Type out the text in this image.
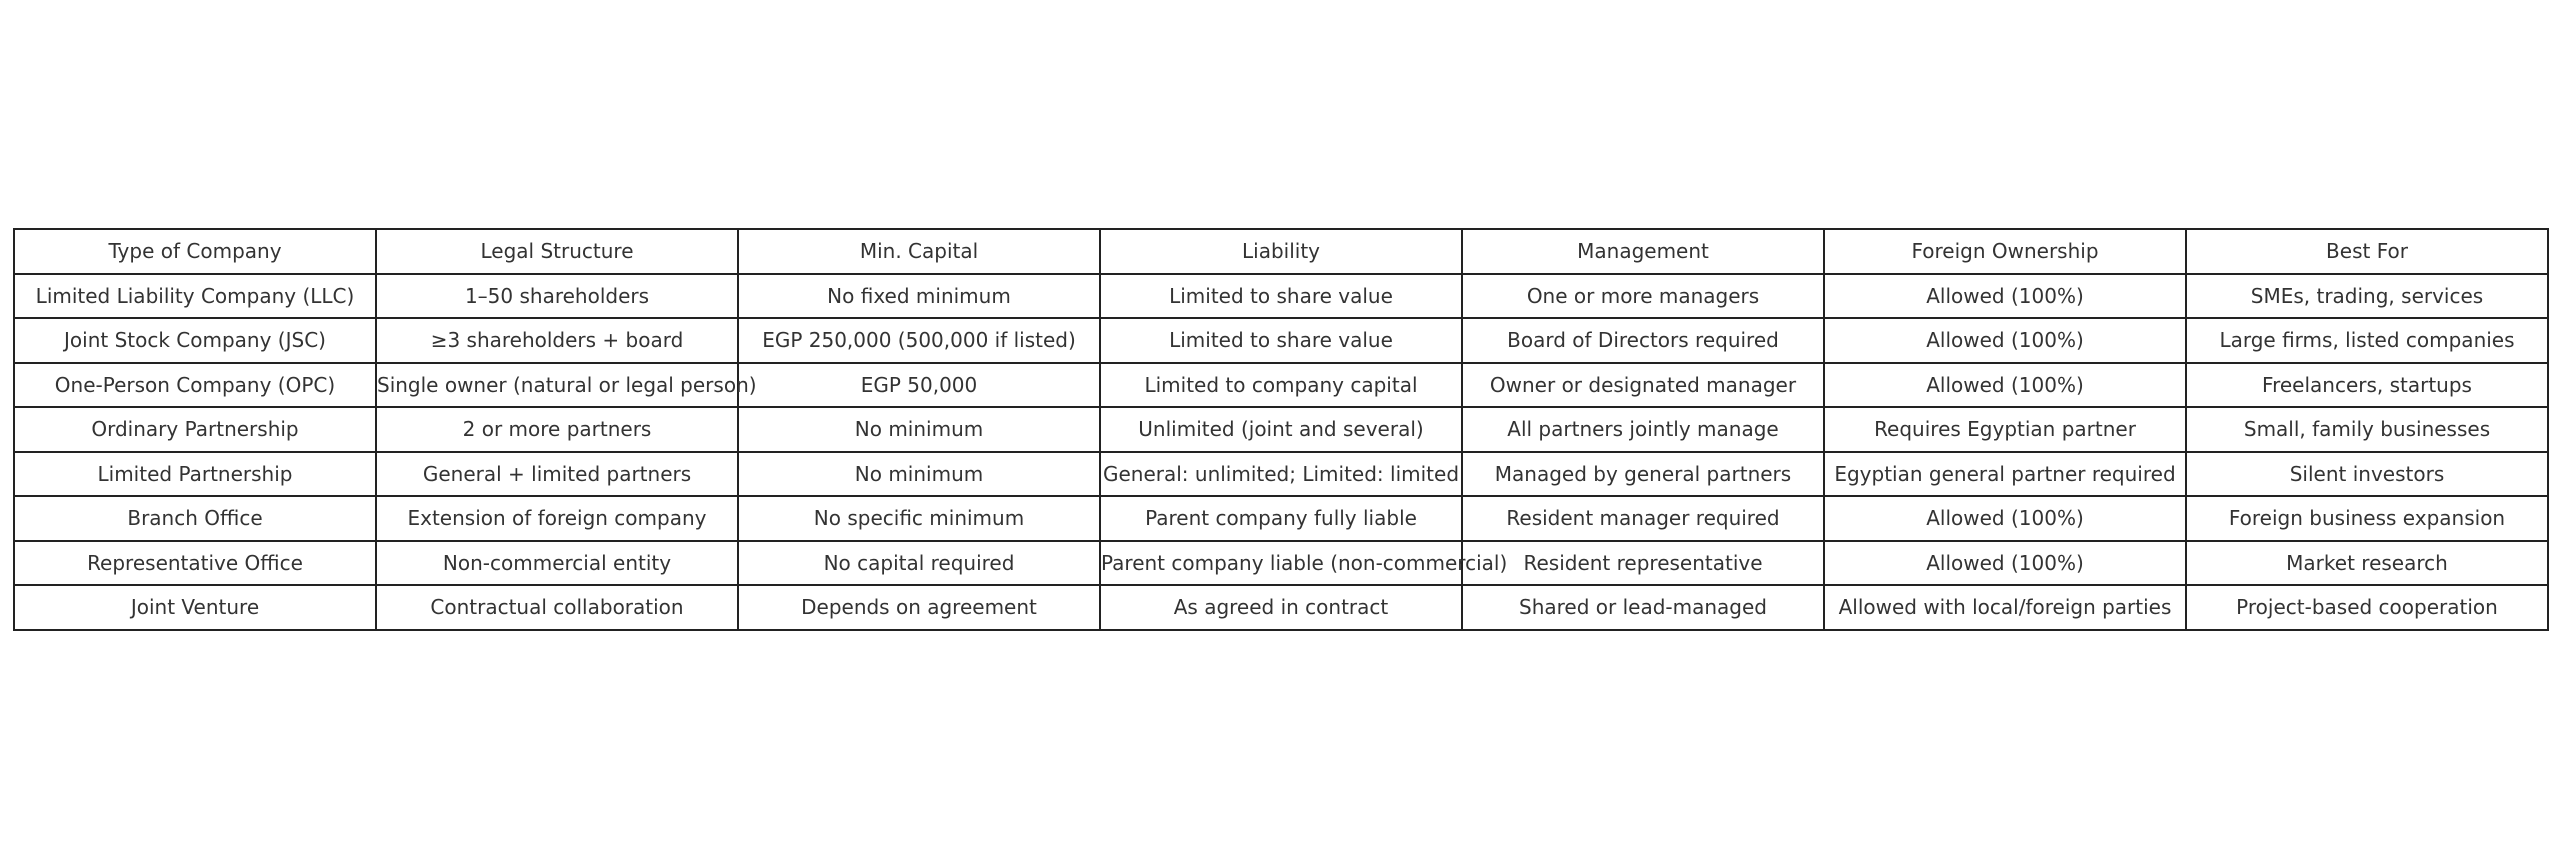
Type of Company	Legal Structure	Min. Capital	Liability	Management	Foreign Ownership	Best For
Limited Liability Company (LLC)	1–50 shareholders	No fixed minimum	Limited to share value	One or more managers	Allowed (100%)	SMEs, trading, services
Joint Stock Company (JSC)	≥3 shareholders + board	EGP 250,000 (500,000 if listed)	Limited to share value	Board of Directors required	Allowed (100%)	Large firms, listed companies
One-Person Company (OPC)	Single owner (natural or legal person)	EGP 50,000	Limited to company capital	Owner or designated manager	Allowed (100%)	Freelancers, startups
Ordinary Partnership	2 or more partners	No minimum	Unlimited (joint and several)	All partners jointly manage	Requires Egyptian partner	Small, family businesses
Limited Partnership	General + limited partners	No minimum	General: unlimited; Limited: limited	Managed by general partners	Egyptian general partner required	Silent investors
Branch Office	Extension of foreign company	No specific minimum	Parent company fully liable	Resident manager required	Allowed (100%)	Foreign business expansion
Representative Office	Non-commercial entity	No capital required	Parent company liable (non-commercial)	Resident representative	Allowed (100%)	Market research
Joint Venture	Contractual collaboration	Depends on agreement	As agreed in contract	Shared or lead-managed	Allowed with local/foreign parties	Project-based cooperation
